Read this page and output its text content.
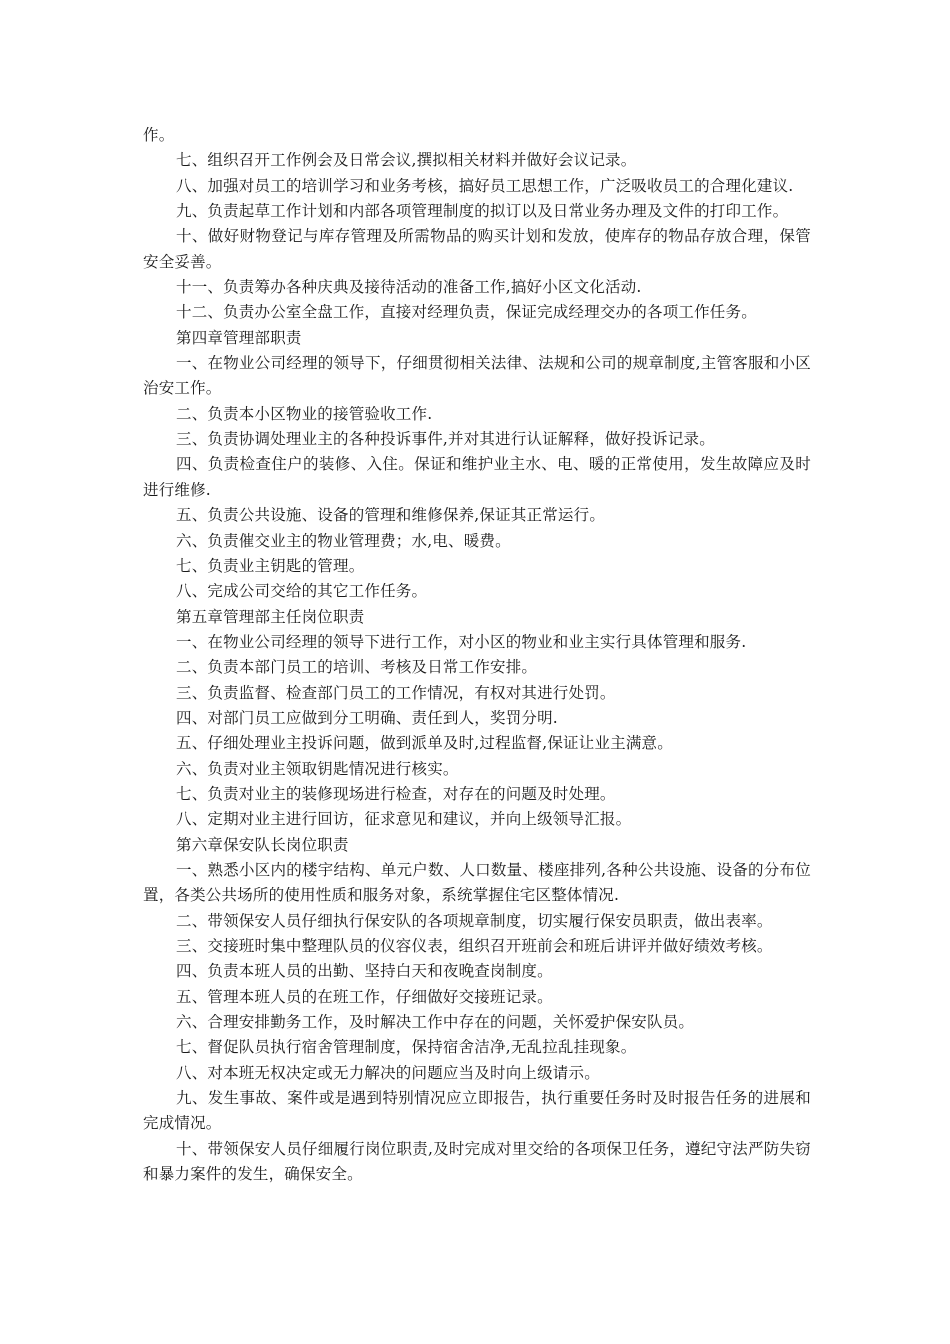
作。

七、组织召开工作例会及日常会议,撰拟相关材料并做好会议记录。

八、加强对员工的培训学习和业务考核，搞好员工思想工作，广泛吸收员工的合理化建议.

九、负责起草工作计划和内部各项管理制度的拟订以及日常业务办理及文件的打印工作。

十、做好财物登记与库存管理及所需物品的购买计划和发放，使库存的物品存放合理，保管安全妥善。

十一、负责筹办各种庆典及接待活动的准备工作,搞好小区文化活动.

十二、负责办公室全盘工作，直接对经理负责，保证完成经理交办的各项工作任务。

第四章管理部职责

一、在物业公司经理的领导下，仔细贯彻相关法律、法规和公司的规章制度,主管客服和小区治安工作。

二、负责本小区物业的接管验收工作.

三、负责协调处理业主的各种投诉事件,并对其进行认证解释，做好投诉记录。

四、负责检查住户的装修、入住。保证和维护业主水、电、暖的正常使用，发生故障应及时进行维修.

五、负责公共设施、设备的管理和维修保养,保证其正常运行。

六、负责催交业主的物业管理费；水,电、暖费。

七、负责业主钥匙的管理。

八、完成公司交给的其它工作任务。

第五章管理部主任岗位职责

一、在物业公司经理的领导下进行工作，对小区的物业和业主实行具体管理和服务.

二、负责本部门员工的培训、考核及日常工作安排。

三、负责监督、检查部门员工的工作情况，有权对其进行处罚。

四、对部门员工应做到分工明确、责任到人，奖罚分明.

五、仔细处理业主投诉问题，做到派单及时,过程监督,保证让业主满意。

六、负责对业主领取钥匙情况进行核实。

七、负责对业主的装修现场进行检查，对存在的问题及时处理。

八、定期对业主进行回访，征求意见和建议，并向上级领导汇报。

第六章保安队长岗位职责

一、熟悉小区内的楼宇结构、单元户数、人口数量、楼座排列,各种公共设施、设备的分布位置，各类公共场所的使用性质和服务对象，系统掌握住宅区整体情况.

二、带领保安人员仔细执行保安队的各项规章制度，切实履行保安员职责，做出表率。

三、交接班时集中整理队员的仪容仪表，组织召开班前会和班后讲评并做好绩效考核。

四、负责本班人员的出勤、坚持白天和夜晚查岗制度。

五、管理本班人员的在班工作，仔细做好交接班记录。

六、合理安排勤务工作，及时解决工作中存在的问题，关怀爱护保安队员。

七、督促队员执行宿舍管理制度，保持宿舍洁净,无乱拉乱挂现象。

八、对本班无权决定或无力解决的问题应当及时向上级请示。

九、发生事故、案件或是遇到特别情况应立即报告，执行重要任务时及时报告任务的进展和完成情况。

十、带领保安人员仔细履行岗位职责,及时完成对里交给的各项保卫任务，遵纪守法严防失窃和暴力案件的发生，确保安全。
